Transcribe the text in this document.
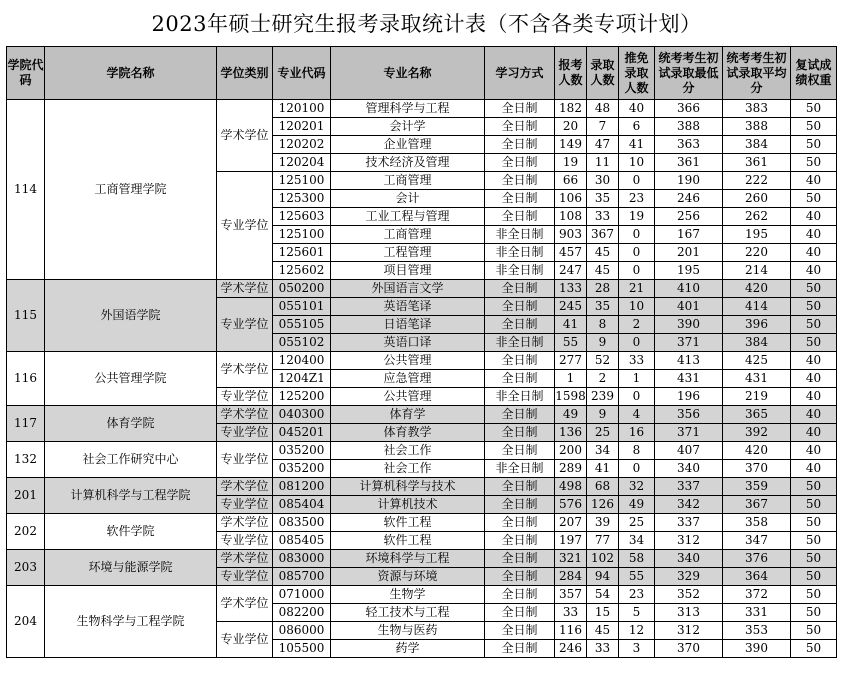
2023年硕士研究生报考录取统计表（不含各类专项计划）
学院代码	学院名称	学位类别	专业代码	专业名称	学习方式	报考人数	录取人数	推免录取人数	统考考生初试录取最低分	统考考生初试录取平均分	复试成绩权重
114	工商管理学院	学术学位	120100	管理科学与工程	全日制	182	48	40	366	383	50
			120201	会计学	全日制	20	7	6	388	388	50
			120202	企业管理	全日制	149	47	41	363	384	50
			120204	技术经济及管理	全日制	19	11	10	361	361	50
		专业学位	125100	工商管理	全日制	66	30	0	190	222	40
			125300	会计	全日制	106	35	23	246	260	50
			125603	工业工程与管理	全日制	108	33	19	256	262	40
			125100	工商管理	非全日制	903	367	0	167	195	40
			125601	工程管理	非全日制	457	45	0	201	220	40
			125602	项目管理	非全日制	247	45	0	195	214	40
115	外国语学院	学术学位	050200	外国语言文学	全日制	133	28	21	410	420	50
		专业学位	055101	英语笔译	全日制	245	35	10	401	414	50
			055105	日语笔译	全日制	41	8	2	390	396	50
			055102	英语口译	非全日制	55	9	0	371	384	50
116	公共管理学院	学术学位	120400	公共管理	全日制	277	52	33	413	425	40
			1204Z1	应急管理	全日制	1	2	1	431	431	40
		专业学位	125200	公共管理	非全日制	1598	239	0	196	219	40
117	体育学院	学术学位	040300	体育学	全日制	49	9	4	356	365	40
		专业学位	045201	体育教学	全日制	136	25	16	371	392	40
132	社会工作研究中心	专业学位	035200	社会工作	全日制	200	34	8	407	420	40
			035200	社会工作	非全日制	289	41	0	340	370	40
201	计算机科学与工程学院	学术学位	081200	计算机科学与技术	全日制	498	68	32	337	359	50
		专业学位	085404	计算机技术	全日制	576	126	49	342	367	50
202	软件学院	学术学位	083500	软件工程	全日制	207	39	25	337	358	50
		专业学位	085405	软件工程	全日制	197	77	34	312	347	50
203	环境与能源学院	学术学位	083000	环境科学与工程	全日制	321	102	58	340	376	50
		专业学位	085700	资源与环境	全日制	284	94	55	329	364	50
204	生物科学与工程学院	学术学位	071000	生物学	全日制	357	54	23	352	372	50
			082200	轻工技术与工程	全日制	33	15	5	313	331	50
		专业学位	086000	生物与医药	全日制	116	45	12	312	353	50
			105500	药学	全日制	246	33	3	370	390	50
